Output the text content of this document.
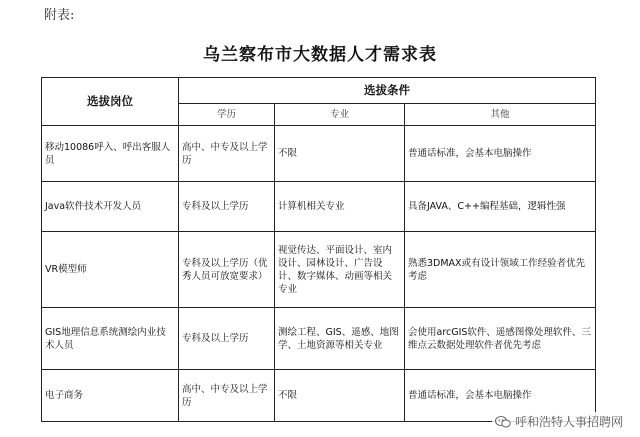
附表:
乌兰察布市大数据人才需求表
选拔岗位	选拔条件		
	学历	专业	其他
移动10086呼入、呼出客服人员	高中、中专及以上学历	不限	普通话标准，会基本电脑操作
Java软件技术开发人员	专科及以上学历	计算机相关专业	具备JAVA、C++编程基础，逻辑性强
VR模型师	专科及以上学历（优秀人员可放宽要求）	视觉传达、平面设计、室内设计、园林设计、广告设计、数字媒体、动画等相关专业	熟悉3DMAX或有设计领域工作经验者优先考虑
GIS地理信息系统测绘内业技术人员	专科及以上学历	测绘工程、GIS、遥感、地图学、土地资源等相关专业	会使用arcGIS软件、遥感图像处理软件、三维点云数据处理软件者优先考虑
电子商务	高中、中专及以上学历	不限	普通话标准，会基本电脑操作
呼和浩特人事招聘网
